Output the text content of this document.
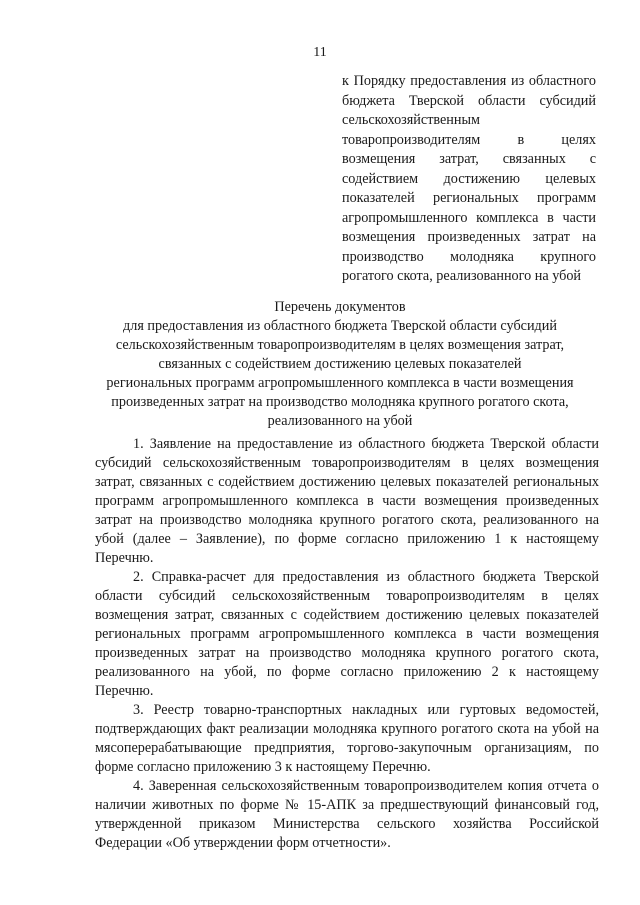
11
к Порядку предоставления из областного бюджета Тверской области субсидий сельскохозяйственным товаропроизводителям в целях возмещения затрат, связанных с содействием достижению целевых показателей региональных программ агропромышленного комплекса в части возмещения произведенных затрат на производство молодняка крупного рогатого скота, реализованного на убой
Перечень документов
для предоставления из областного бюджета Тверской области субсидий
сельскохозяйственным товаропроизводителям в целях возмещения затрат,
связанных с содействием достижению целевых показателей
региональных программ агропромышленного комплекса в части возмещения
произведенных затрат на производство молодняка крупного рогатого скота,
реализованного на убой

1. Заявление на предоставление из областного бюджета Тверской области субсидий сельскохозяйственным товаропроизводителям в целях возмещения затрат, связанных с содействием достижению целевых показателей региональных программ агропромышленного комплекса в части возмещения произведенных затрат на производство молодняка крупного рогатого скота, реализованного на убой (далее – Заявление), по форме согласно приложению 1 к настоящему Перечню.

2. Справка-расчет для предоставления из областного бюджета Тверской области субсидий сельскохозяйственным товаропроизводителям в целях возмещения затрат, связанных с содействием достижению целевых показателей региональных программ агропромышленного комплекса в части возмещения произведенных затрат на производство молодняка крупного рогатого скота, реализованного на убой, по форме согласно приложению 2 к настоящему Перечню.

3. Реестр товарно-транспортных накладных или гуртовых ведомостей, подтверждающих факт реализации молодняка крупного рогатого скота на убой на мясоперерабатывающие предприятия, торгово-закупочным организациям, по форме согласно приложению 3 к настоящему Перечню.

4. Заверенная сельскохозяйственным товаропроизводителем копия отчета о наличии животных по форме № 15-АПК за предшествующий финансовый год, утвержденной приказом Министерства сельского хозяйства Российской Федерации «Об утверждении форм отчетности».
